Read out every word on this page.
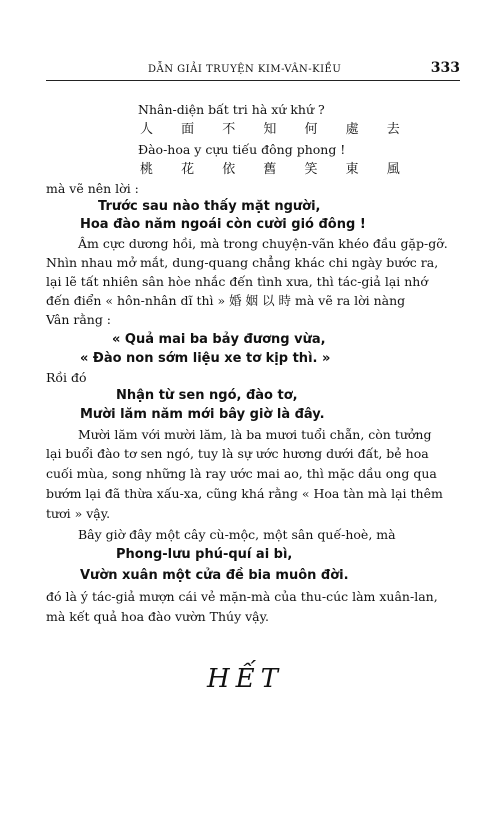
DẪN GIẢI TRUYỆN KIM-VÂN-KIỀU	333
Nhân-diện bất tri hà xứ khứ ?
人 面 不 知 何 處 去
Đào-hoa y cựu tiếu đông phong !
桃 花 依 舊 笑 東 風
mà vẽ nên lời :
Trước sau nào thấy mặt người,
Hoa đào năm ngoái còn cười gió đông !
Âm cực dương hồi, mà trong chuyện-vãn khéo đầu gặp-gỡ.
Nhìn nhau mở mắt, dung-quang chẳng khác chi ngày bước ra,
lại lẽ tất nhiên sân hòe nhắc đến tình xưa, thì tác-giả lại nhớ
đến điển « hôn-nhân dĩ thì » 婚 姻 以 時 mà vẽ ra lời nàng
Vân rằng :
« Quả mai ba bảy đương vừa,
« Đào non sớm liệu xe tơ kịp thì. »
Rồi đó
Nhận từ sen ngó, đào tơ,
Mười lăm năm mới bây giờ là đây.
Mười lăm với mười lăm, là ba mươi tuổi chẵn, còn tưởng
lại buổi đào tơ sen ngó, tuy là sự ước hương dưới đất, bẻ hoa
cuối mùa, song những là ray ước mai ao, thì mặc dầu ong qua
bướm lại đã thừa xấu-xa, cũng khá rằng « Hoa tàn mà lại thêm
tươi » vậy.
Bây giờ đây một cây cù-mộc, một sân quế-hoè, mà
Phong-lưu phú-quí ai bì,
Vườn xuân một cửa đề bia muôn đời.
đó là ý tác-giả mượn cái vẻ mặn-mà của thu-cúc làm xuân-lan,
mà kết quả hoa đào vườn Thúy vậy.
HẾT
